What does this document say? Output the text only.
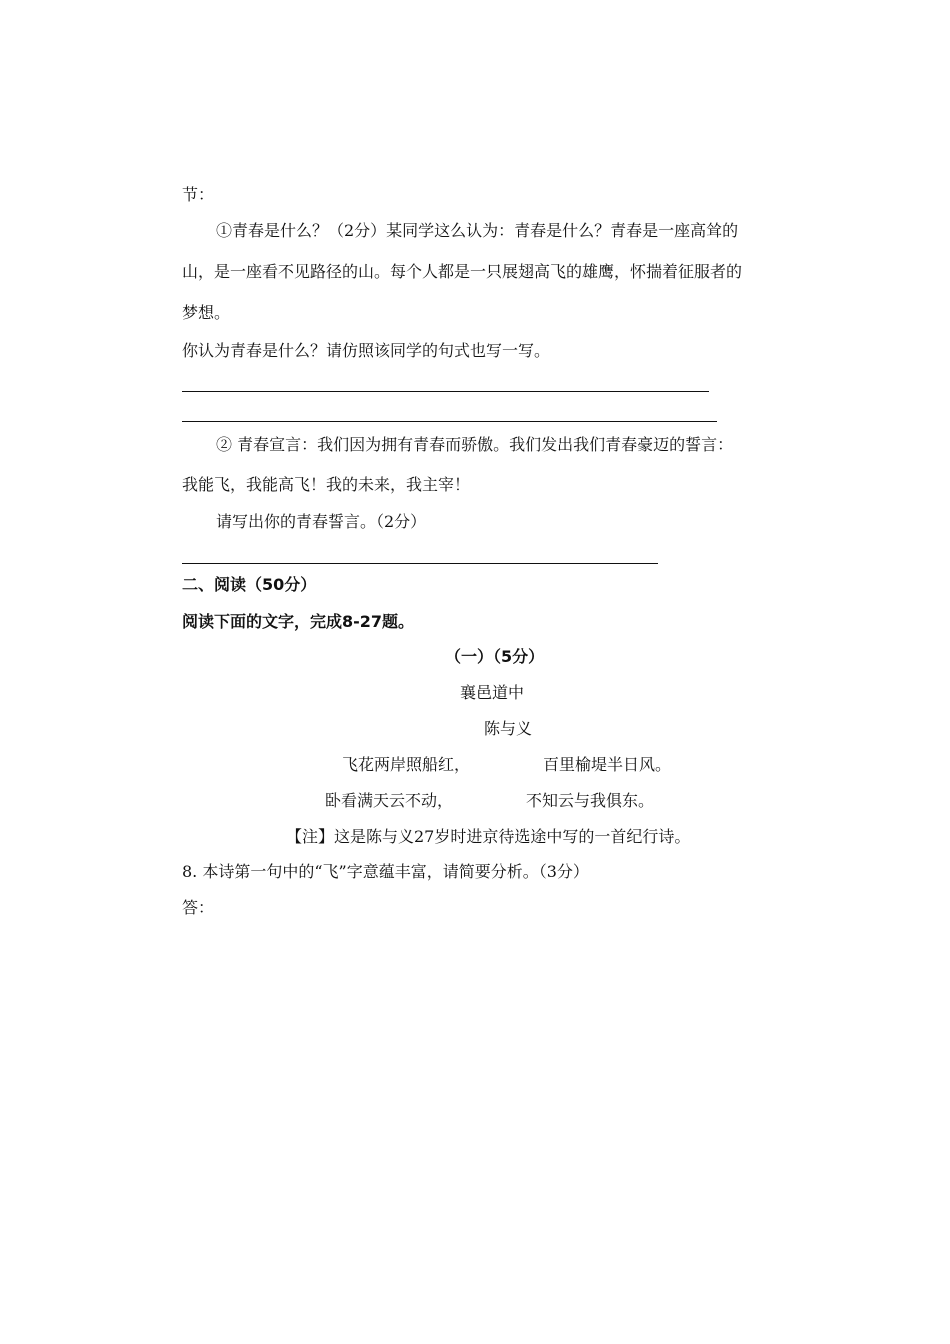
节：
①青春是什么？（2分）某同学这么认为：青春是什么？青春是一座高耸的
山，是一座看不见路径的山。每个人都是一只展翅高飞的雄鹰，怀揣着征服者的
梦想。
你认为青春是什么？请仿照该同学的句式也写一写。
② 青春宣言：我们因为拥有青春而骄傲。我们发出我们青春豪迈的誓言：
我能飞，我能高飞！我的未来，我主宰！
请写出你的青春誓言。（2分）
二、阅读（50分）
阅读下面的文字，完成8-27题。
（一）（5分）
襄邑道中
陈与义
飞花两岸照船红，	百里榆堤半日风。
卧看满天云不动，	不知云与我俱东。
【注】这是陈与义27岁时进京待选途中写的一首纪行诗。
8. 本诗第一句中的“飞”字意蕴丰富，请简要分析。（3分）
答：
